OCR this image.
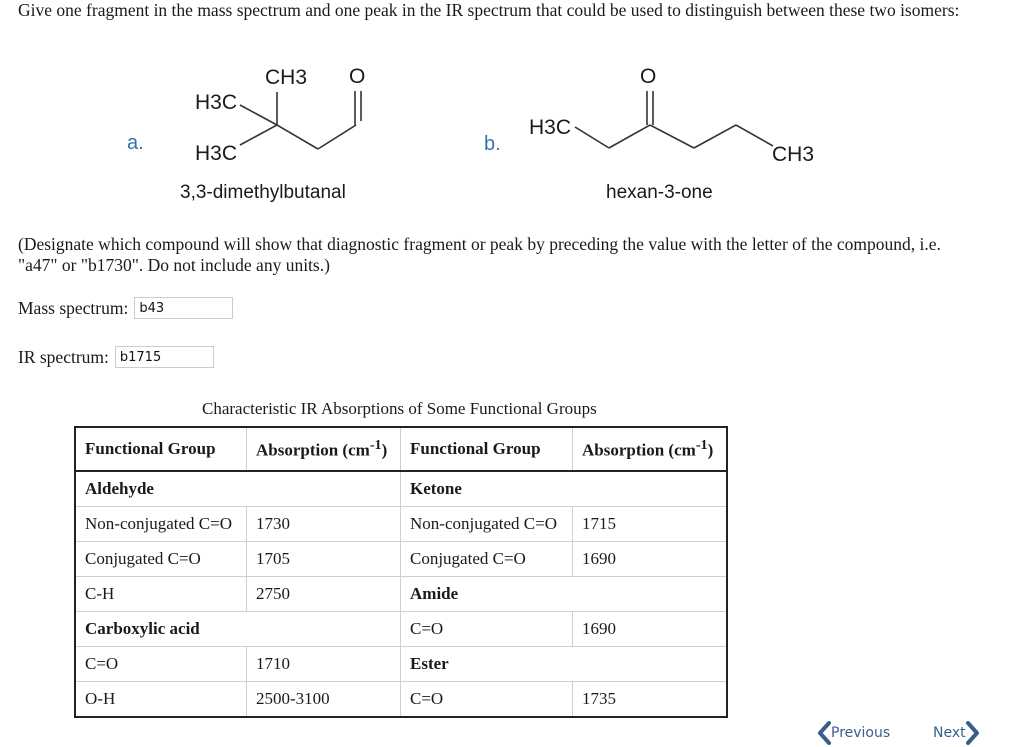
Give one fragment in the mass spectrum and one peak in the IR spectrum that could be used to distinguish between these two isomers:
a.
CH3 O
H3C
H3C
3,3-dimethylbutanal
b.
H3C
O
CH3
hexan-3-one
(Designate which compound will show that diagnostic fragment or peak by preceding the value with the letter of the compound, i.e. "a47" or "b1730". Do not include any units.)
Mass spectrum:
b43
IR spectrum:
b1715
Characteristic IR Absorptions of Some Functional Groups
Functional Group	Absorption $(cm^{-1})$	Functional Group	Absorption $(cm^{-1})$
Aldehyde		Ketone	
Non-conjugated C=O	1730	Non-conjugated C=O	1715
Conjugated C=O	1705	Conjugated C=O	1690
C-H	2750	Amide	
Carboxylic acid		C=O	1690
C=O	1710	Ester	
O-H	2500-3100	C=O	1735
Previous	Next
